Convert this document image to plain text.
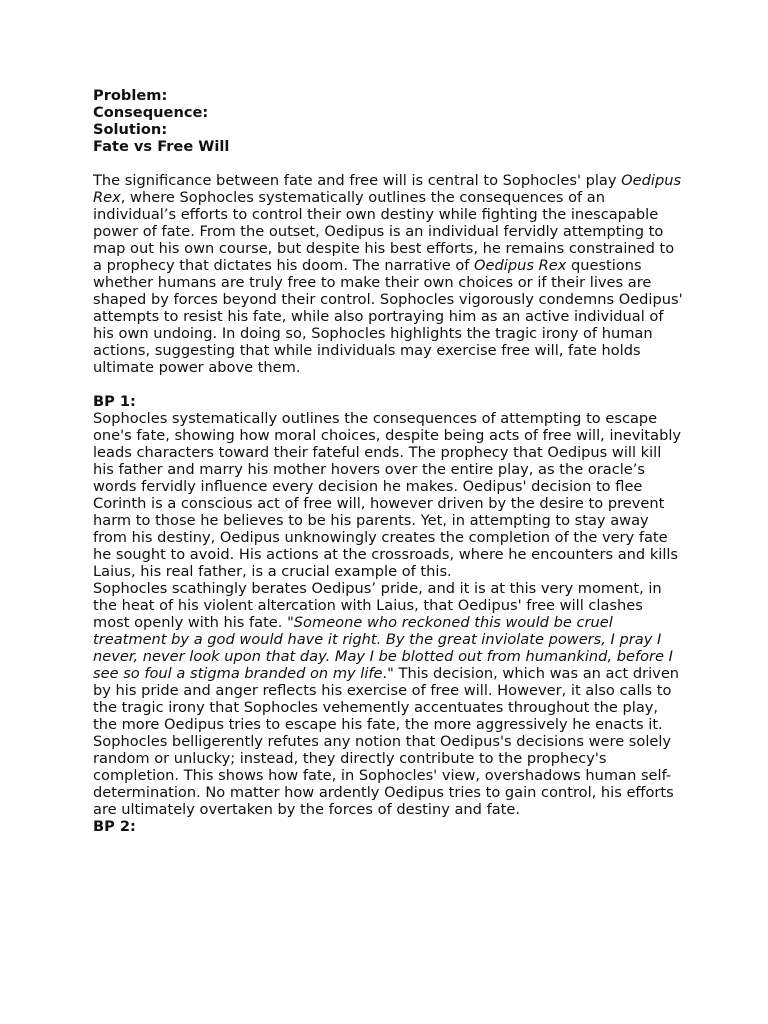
Problem:

Consequence:

Solution:

Fate vs Free Will

The significance between fate and free will is central to Sophocles' play Oedipus Rex, where Sophocles systematically outlines the consequences of an individual’s efforts to control their own destiny while fighting the inescapable power of fate. From the outset, Oedipus is an individual fervidly attempting to map out his own course, but despite his best efforts, he remains constrained to a prophecy that dictates his doom. The narrative of Oedipus Rex questions whether humans are truly free to make their own choices or if their lives are shaped by forces beyond their control. Sophocles vigorously condemns Oedipus' attempts to resist his fate, while also portraying him as an active individual of his own undoing. In doing so, Sophocles highlights the tragic irony of human actions, suggesting that while individuals may exercise free will, fate holds ultimate power above them.

BP 1:

Sophocles systematically outlines the consequences of attempting to escape one's fate, showing how moral choices, despite being acts of free will, inevitably leads characters toward their fateful ends. The prophecy that Oedipus will kill his father and marry his mother hovers over the entire play, as the oracle’s words fervidly influence every decision he makes. Oedipus' decision to flee Corinth is a conscious act of free will, however driven by the desire to prevent harm to those he believes to be his parents. Yet, in attempting to stay away from his destiny, Oedipus unknowingly creates the completion of the very fate he sought to avoid. His actions at the crossroads, where he encounters and kills Laius, his real father, is a crucial example of this.

Sophocles scathingly berates Oedipus’ pride, and it is at this very moment, in the heat of his violent altercation with Laius, that Oedipus' free will clashes most openly with his fate. "Someone who reckoned this would be cruel treatment by a god would have it right. By the great inviolate powers, I pray I never, never look upon that day. May I be blotted out from humankind, before I see so foul a stigma branded on my life." This decision, which was an act driven by his pride and anger reflects his exercise of free will. However, it also calls to the tragic irony that Sophocles vehemently accentuates throughout the play, the more Oedipus tries to escape his fate, the more aggressively he enacts it. Sophocles belligerently refutes any notion that Oedipus's decisions were solely random or unlucky; instead, they directly contribute to the prophecy's completion. This shows how fate, in Sophocles' view, overshadows human self-determination. No matter how ardently Oedipus tries to gain control, his efforts are ultimately overtaken by the forces of destiny and fate.

BP 2:
